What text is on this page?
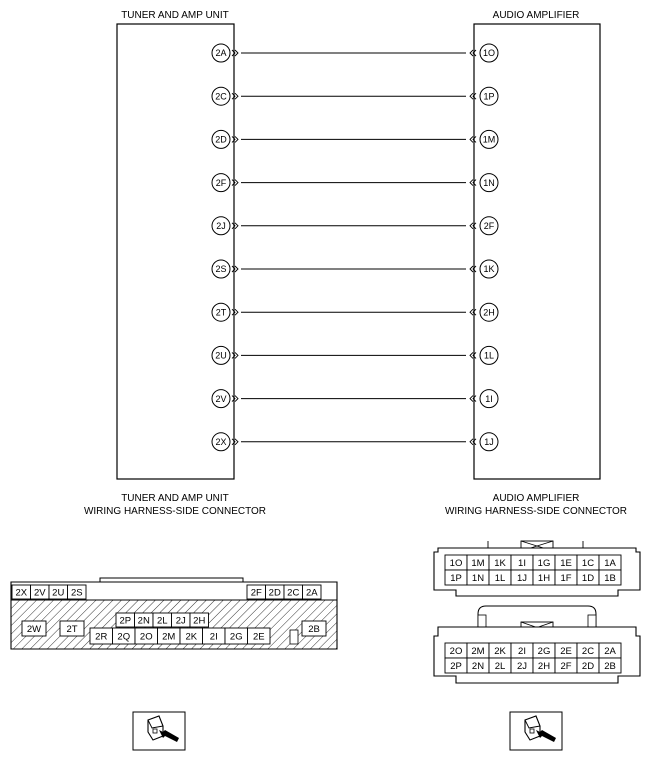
TUNER AND AMP UNIT	AUDIO AMPLIFIER
2A	1O
2C	1P
2D	1M
2F	1N
2J	2F
2S	1K
2T	2H
2U	1L
2V	1I
2X	1J
TUNER AND AMP UNIT
WIRING HARNESS-SIDE CONNECTOR
AUDIO AMPLIFIER
WIRING HARNESS-SIDE CONNECTOR
2X 2V 2U 2S	2F 2D 2C 2A
2P 2N 2L 2J 2H
2R 2Q 2O 2M 2K 2I 2G 2E
2W	2T	2B
1O 1M 1K 1I 1G 1E 1C 1A
1P 1N 1L 1J 1H 1F 1D 1B
2O 2M 2K 2I 2G 2E 2C 2A
2P 2N 2L 2J 2H 2F 2D 2B
